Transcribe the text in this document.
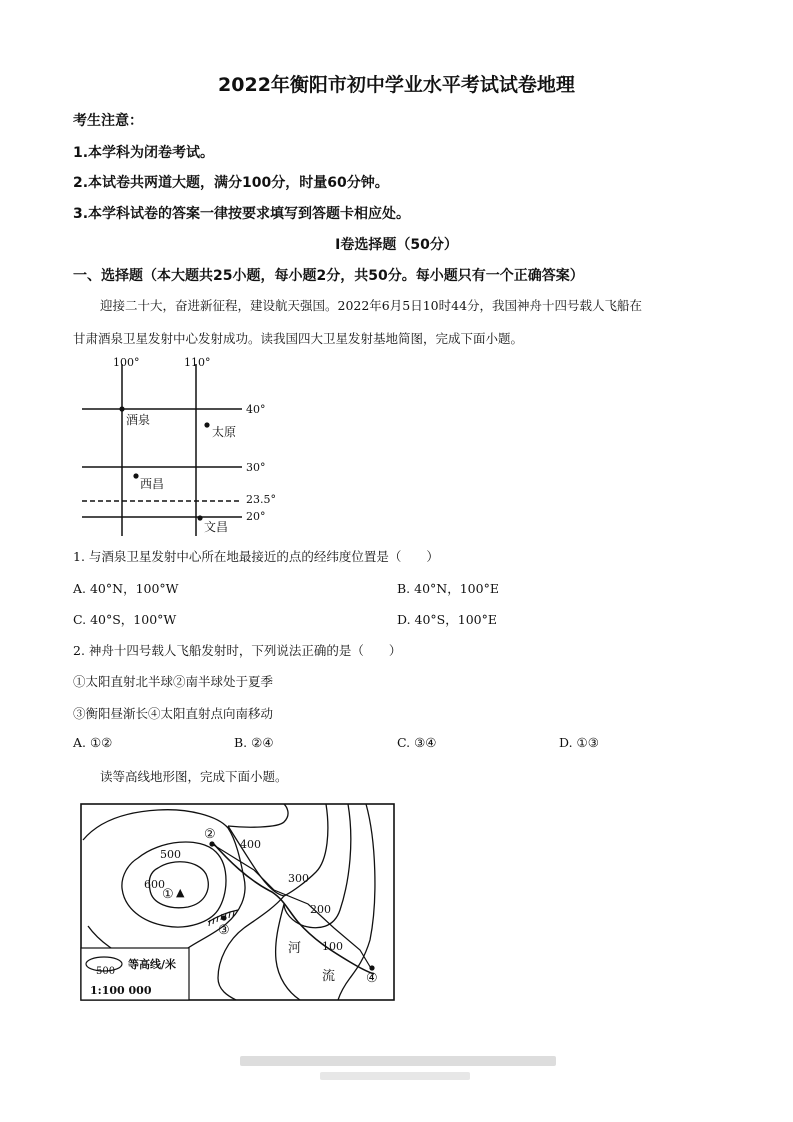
2022年衡阳市初中学业水平考试试卷地理
考生注意：
1.本学科为闭卷考试。
2.本试卷共两道大题，满分100分，时量60分钟。
3.本学科试卷的答案一律按要求填写到答题卡相应处。
Ⅰ卷选择题（50分）
一、选择题（本大题共25小题，每小题2分，共50分。每小题只有一个正确答案）
迎接二十大，奋进新征程，建设航天强国。2022年6月5日10时44分，我国神舟十四号载人飞船在
甘肃酒泉卫星发射中心发射成功。读我国四大卫星发射基地简图，完成下面小题。
100°	110°
40°
30°
23.5°
20°
酒泉
太原
西昌
文昌
1. 与酒泉卫星发射中心所在地最接近的点的经纬度位置是（　　）
A. 40°N，100°W	B. 40°N，100°E
C. 40°S，100°W	D. 40°S，100°E
2. 神舟十四号载人飞船发射时，下列说法正确的是（　　）
①太阳直射北半球②南半球处于夏季
③衡阳昼渐长④太阳直射点向南移动
A. ①②	B. ②④	C. ③④	D. ①③
读等高线地形图，完成下面小题。
500
600
400
300
200
100
① ▲
②
③
④
河
流
500
等高线/米
1:100 000
